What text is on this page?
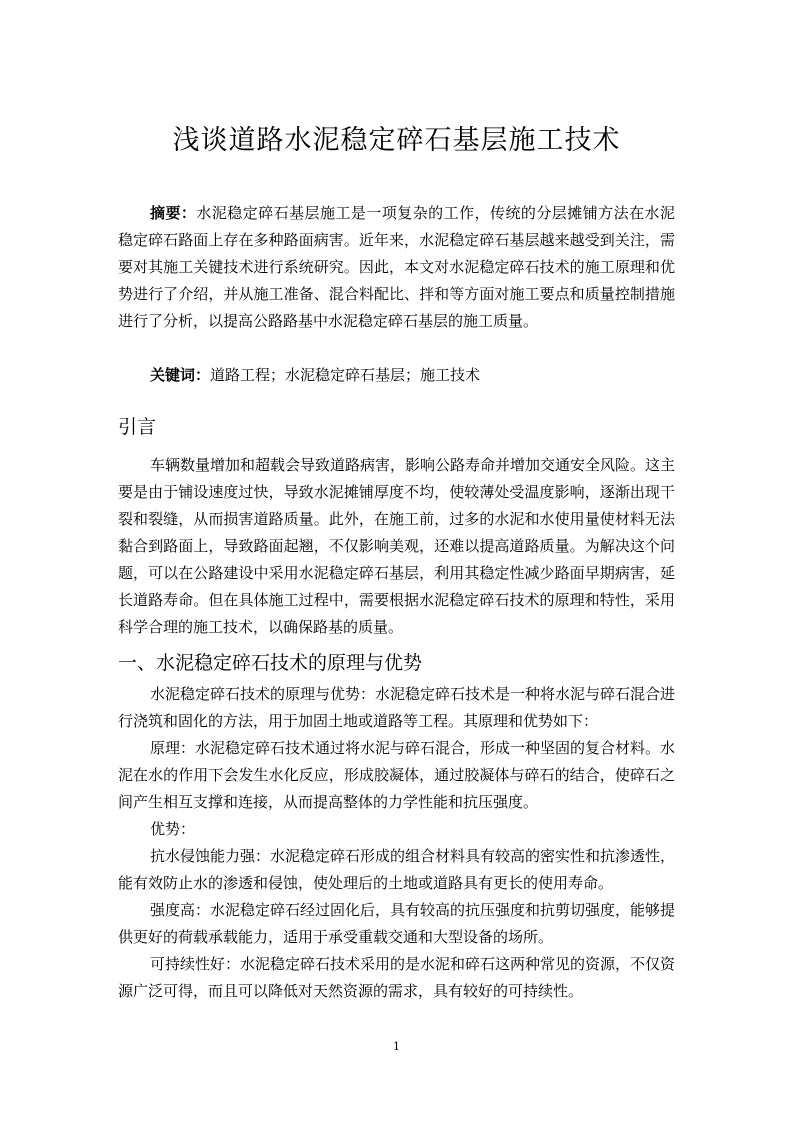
浅谈道路水泥稳定碎石基层施工技术

摘要：水泥稳定碎石基层施工是一项复杂的工作，传统的分层摊铺方法在水泥稳定碎石路面上存在多种路面病害。近年来，水泥稳定碎石基层越来越受到关注，需要对其施工关键技术进行系统研究。因此，本文对水泥稳定碎石技术的施工原理和优势进行了介绍，并从施工准备、混合料配比、拌和等方面对施工要点和质量控制措施进行了分析，以提高公路路基中水泥稳定碎石基层的施工质量。

关键词：道路工程；水泥稳定碎石基层；施工技术

引言

车辆数量增加和超载会导致道路病害，影响公路寿命并增加交通安全风险。这主要是由于铺设速度过快，导致水泥摊铺厚度不均，使较薄处受温度影响，逐渐出现干裂和裂缝，从而损害道路质量。此外，在施工前，过多的水泥和水使用量使材料无法黏合到路面上，导致路面起翘，不仅影响美观，还难以提高道路质量。为解决这个问题，可以在公路建设中采用水泥稳定碎石基层，利用其稳定性减少路面早期病害，延长道路寿命。但在具体施工过程中，需要根据水泥稳定碎石技术的原理和特性，采用科学合理的施工技术，以确保路基的质量。

一、水泥稳定碎石技术的原理与优势

水泥稳定碎石技术的原理与优势：水泥稳定碎石技术是一种将水泥与碎石混合进行浇筑和固化的方法，用于加固土地或道路等工程。其原理和优势如下：

原理：水泥稳定碎石技术通过将水泥与碎石混合，形成一种坚固的复合材料。水泥在水的作用下会发生水化反应，形成胶凝体，通过胶凝体与碎石的结合，使碎石之间产生相互支撑和连接，从而提高整体的力学性能和抗压强度。

优势：

抗水侵蚀能力强：水泥稳定碎石形成的组合材料具有较高的密实性和抗渗透性，能有效防止水的渗透和侵蚀，使处理后的土地或道路具有更长的使用寿命。

强度高：水泥稳定碎石经过固化后，具有较高的抗压强度和抗剪切强度，能够提供更好的荷载承载能力，适用于承受重载交通和大型设备的场所。

可持续性好：水泥稳定碎石技术采用的是水泥和碎石这两种常见的资源，不仅资源广泛可得，而且可以降低对天然资源的需求，具有较好的可持续性。

1
